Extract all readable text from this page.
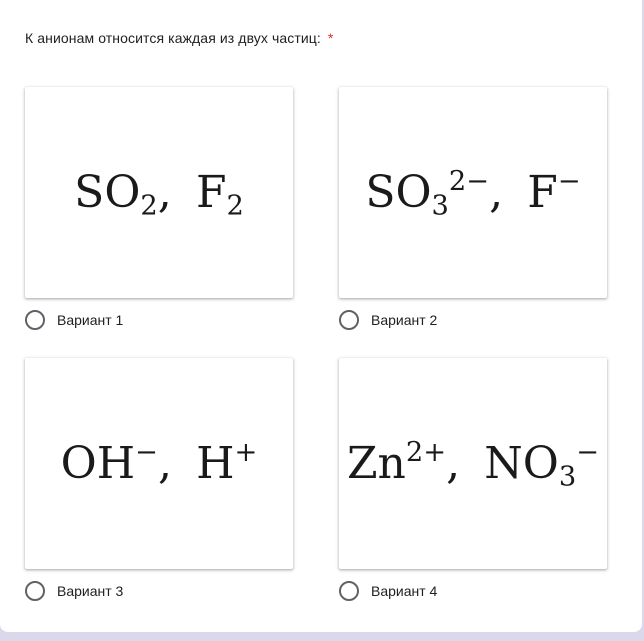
К анионам относится каждая из двух частиц: *
$SO_2$, $F_2$
Вариант 1
$SO_3^{2-}$, F−
Вариант 2
OH−, H+
Вариант 3
$Zn^{2+}$, $NO_3^-$
Вариант 4
